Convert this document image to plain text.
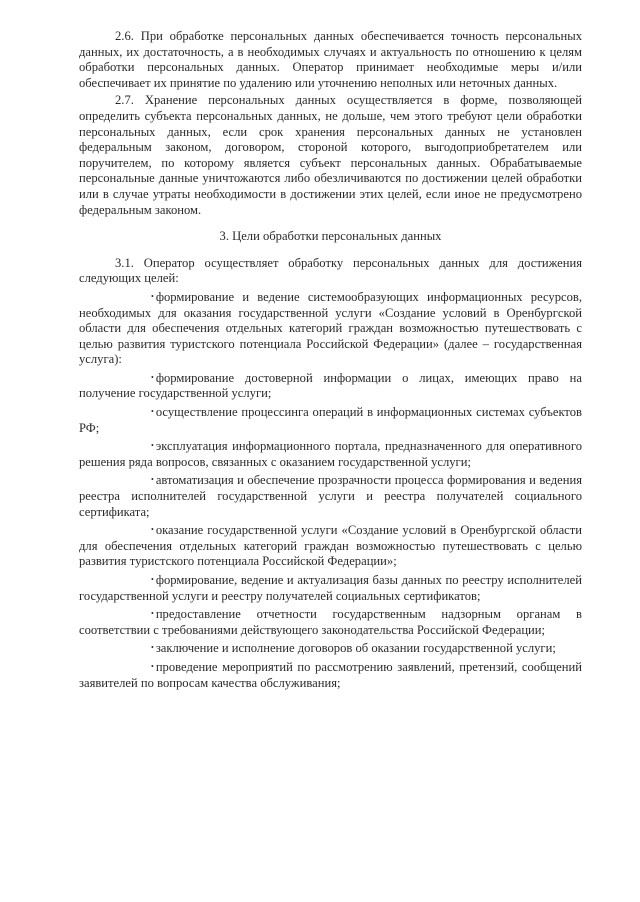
2.6. При обработке персональных данных обеспечивается точность персональных данных, их достаточность, а в необходимых случаях и актуальность по отношению к целям обработки персональных данных. Оператор принимает необходимые меры и/или обеспечивает их принятие по удалению или уточнению неполных или неточных данных.

2.7. Хранение персональных данных осуществляется в форме, позволяющей определить субъекта персональных данных, не дольше, чем этого требуют цели обработки персональных данных, если срок хранения персональных данных не установлен федеральным законом, договором, стороной которого, выгодоприобретателем или поручителем, по которому является субъект персональных данных. Обрабатываемые персональные данные уничтожаются либо обезличиваются по достижении целей обработки или в случае утраты необходимости в достижении этих целей, если иное не предусмотрено федеральным законом.

3. Цели обработки персональных данных

3.1. Оператор осуществляет обработку персональных данных для достижения следующих целей:

• формирование и ведение системообразующих информационных ресурсов, необходимых для оказания государственной услуги «Создание условий в Оренбургской области для обеспечения отдельных категорий граждан возможностью путешествовать с целью развития туристского потенциала Российской Федерации» (далее – государственная услуга):

• формирование достоверной информации о лицах, имеющих право на получение государственной услуги;

• осуществление процессинга операций в информационных системах субъектов РФ;

• эксплуатация информационного портала, предназначенного для оперативного решения ряда вопросов, связанных с оказанием государственной услуги;

• автоматизация и обеспечение прозрачности процесса формирования и ведения реестра исполнителей государственной услуги и реестра получателей социального сертификата;

• оказание государственной услуги «Создание условий в Оренбургской области для обеспечения отдельных категорий граждан возможностью путешествовать с целью развития туристского потенциала Российской Федерации»;

• формирование, ведение и актуализация базы данных по реестру исполнителей государственной услуги и реестру получателей социальных сертификатов;

• предоставление отчетности государственным надзорным органам в соответствии с требованиями действующего законодательства Российской Федерации;

• заключение и исполнение договоров об оказании государственной услуги;

• проведение мероприятий по рассмотрению заявлений, претензий, сообщений заявителей по вопросам качества обслуживания;
